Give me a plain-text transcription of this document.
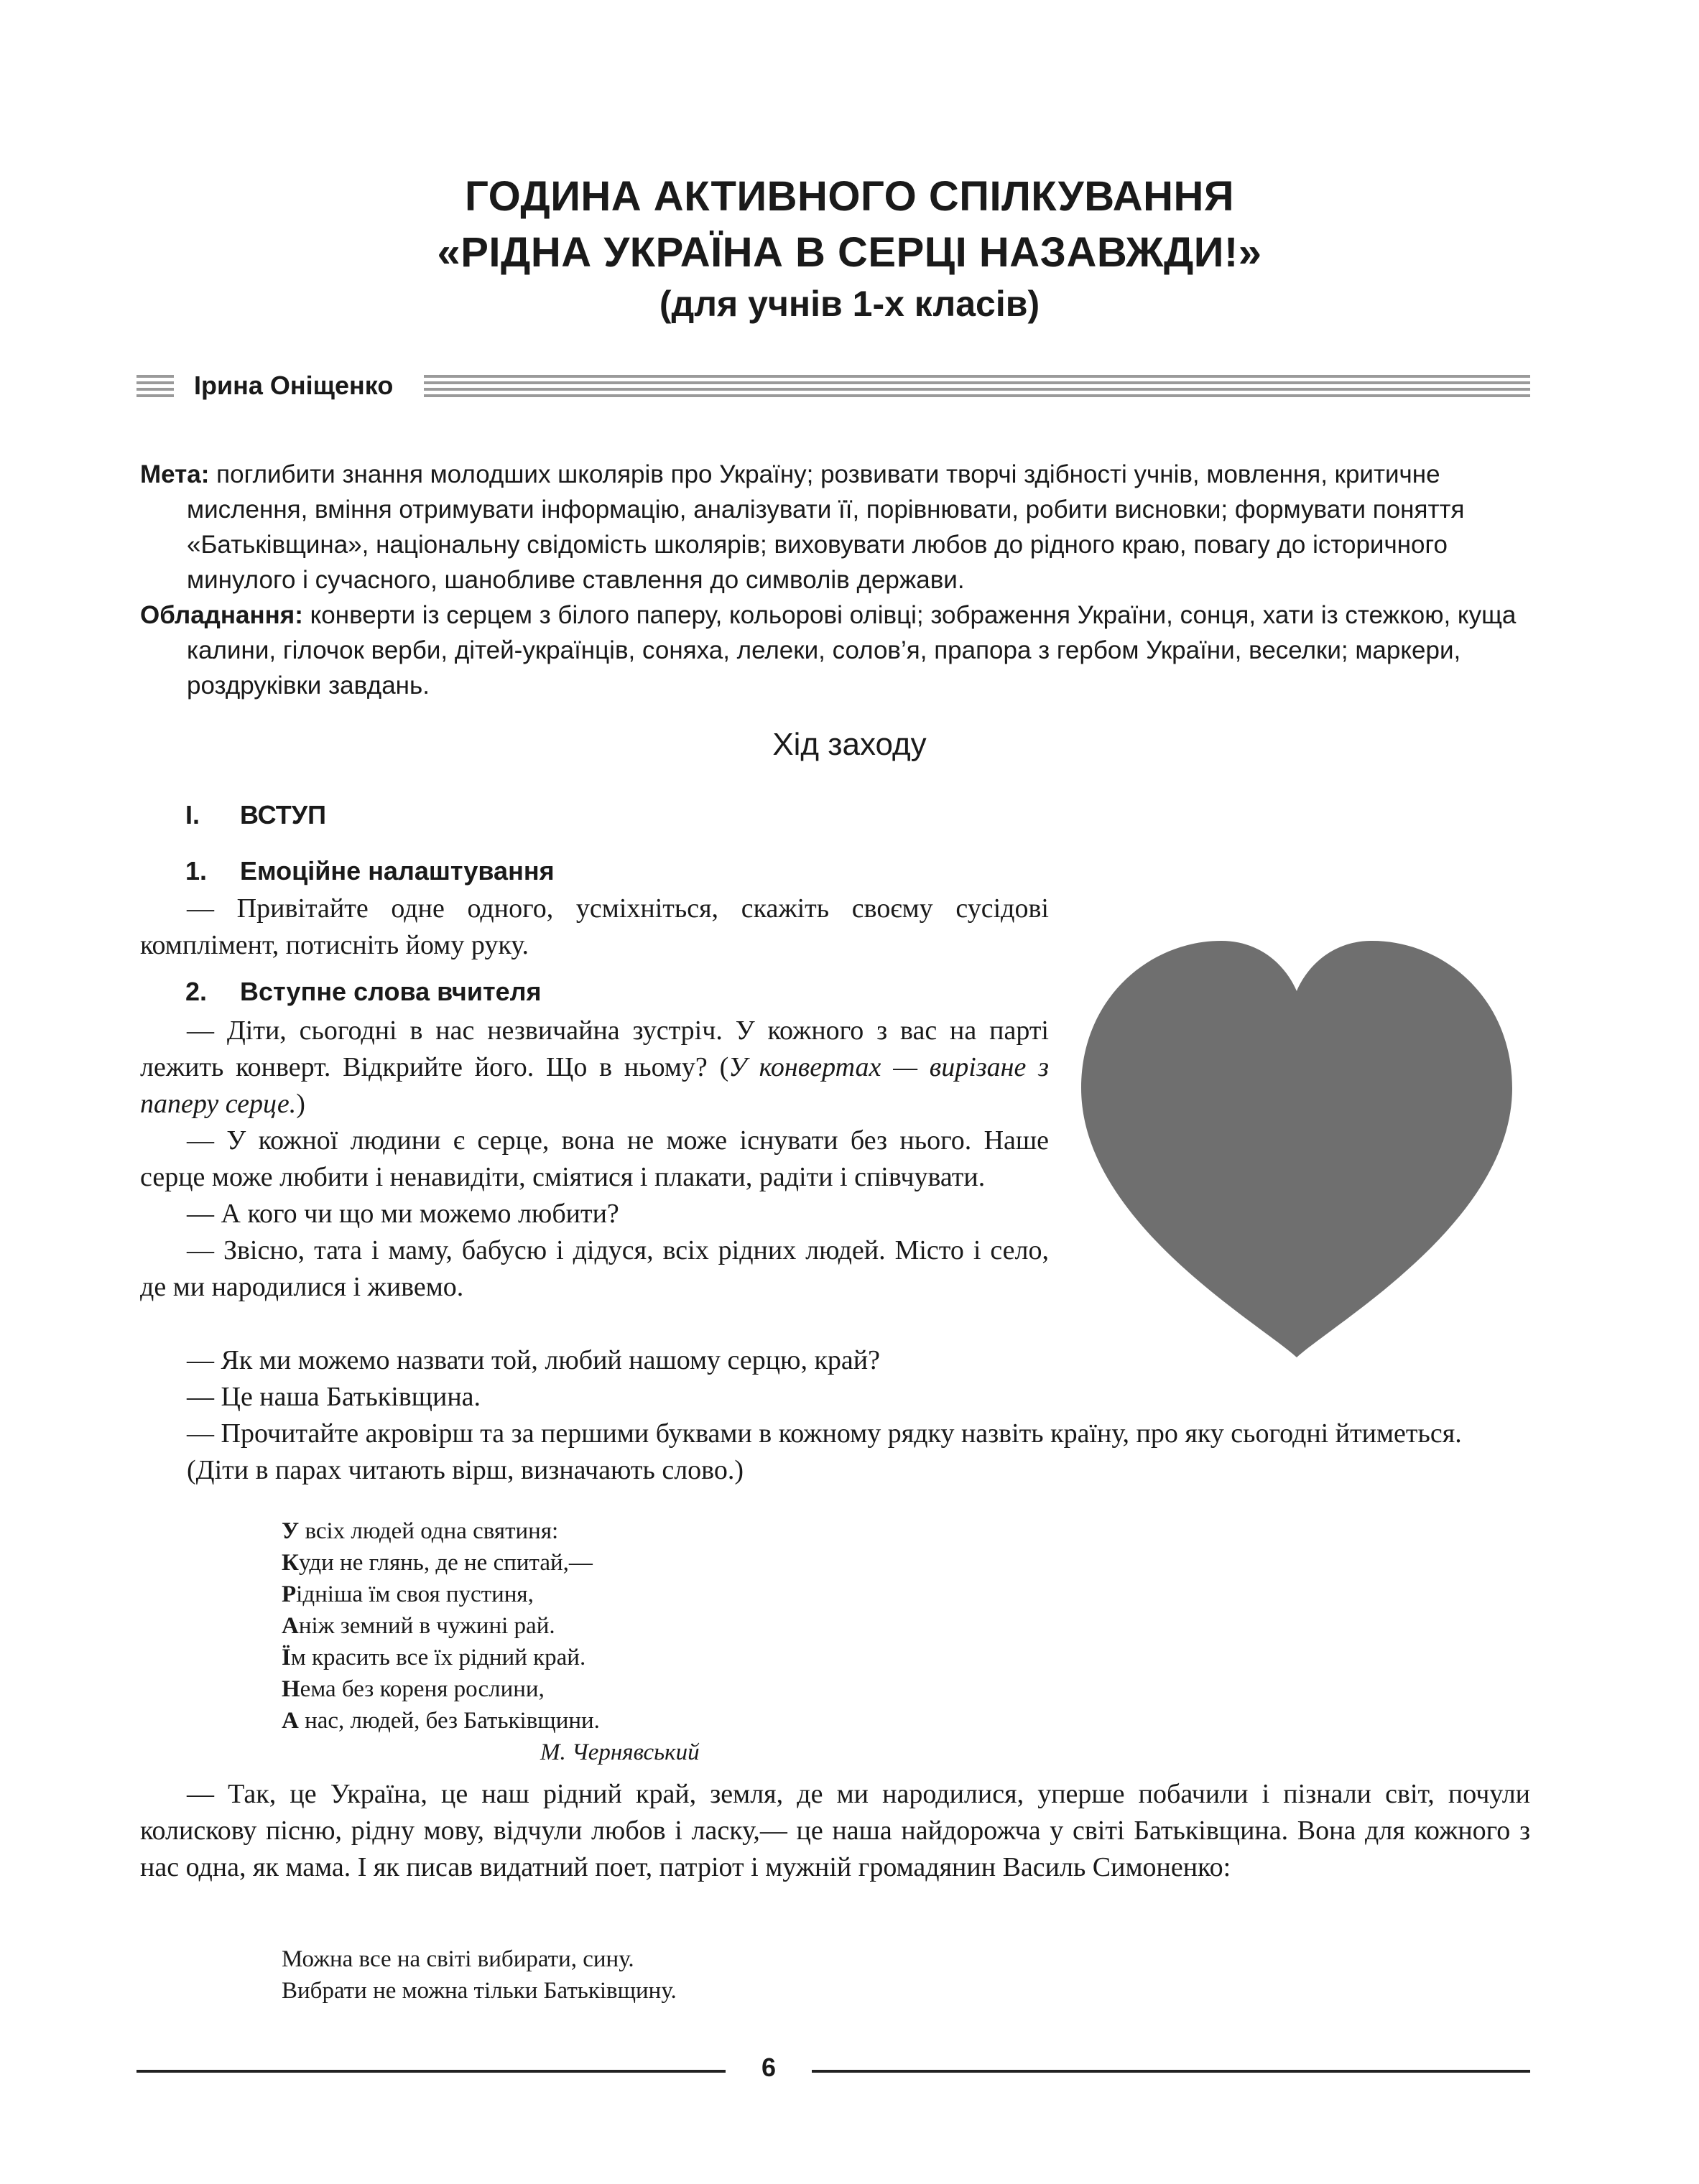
ГОДИНА АКТИВНОГО СПІЛКУВАННЯ
«РІДНА УКРАЇНА В СЕРЦІ НАЗАВЖДИ!»
(для учнів 1-х класів)
Ірина Оніщенко

Мета: поглибити знання молодших школярів про Україну; розвивати творчі здібності учнів, мовлення, критичне мислення, вміння отримувати інформацію, аналізувати її, порівнювати, робити висновки; формувати поняття «Батьківщина», національну свідомість школярів; виховувати любов до рідного краю, повагу до історичного минулого і сучасного, шанобливе ставлення до символів держави.

Обладнання: конверти із серцем з білого паперу, кольорові олівці; зображення України, сонця, хати із стежкою, куща калини, гілочок верби, дітей-українців, соняха, лелеки, солов’я, прапора з гербом України, веселки; маркери, роздруківки завдань.

Хід заходу
I. ВСТУП
1. Емоційне налаштування

— Привітайте одне одного, усміхніться, скажіть своєму сусідові комплімент, потисніть йому руку.

2. Вступне слова вчителя

— Діти, сьогодні в нас незвичайна зустріч. У кожного з вас на парті лежить конверт. Відкрийте його. Що в ньому? (У конвертах — вирізане з паперу серце.)

— У кожної людини є серце, вона не може існувати без нього. Наше серце може любити і ненавидіти, сміятися і плакати, радіти і співчувати.

— А кого чи що ми можемо любити?

— Звісно, тата і маму, бабусю і дідуся, всіх рідних людей. Місто і село, де ми народилися і живемо.

— Як ми можемо назвати той, любий нашому серцю, край?

— Це наша Батьківщина.

— Прочитайте акровірш та за першими буквами в кожному рядку назвіть країну, про яку сьогодні йтиметься.

(Діти в парах читають вірш, визначають слово.)

У всіх людей одна святиня:
Куди не глянь, де не спитай,—
Рідніша їм своя пустиня,
Аніж земний в чужині рай.
Їм красить все їх рідний край.
Нема без кореня рослини,
А нас, людей, без Батьківщини.
М. Чернявський

— Так, це Україна, це наш рідний край, земля, де ми народилися, уперше побачили і пізнали світ, почули колискову пісню, рідну мову, відчули любов і ласку,— це наша найдорожча у світі Батьківщина. Вона для кожного з нас одна, як мама. І як писав видатний поет, патріот і мужній громадянин Василь Симоненко:

Можна все на світі вибирати, сину.
Вибрати не можна тільки Батьківщину.
6
